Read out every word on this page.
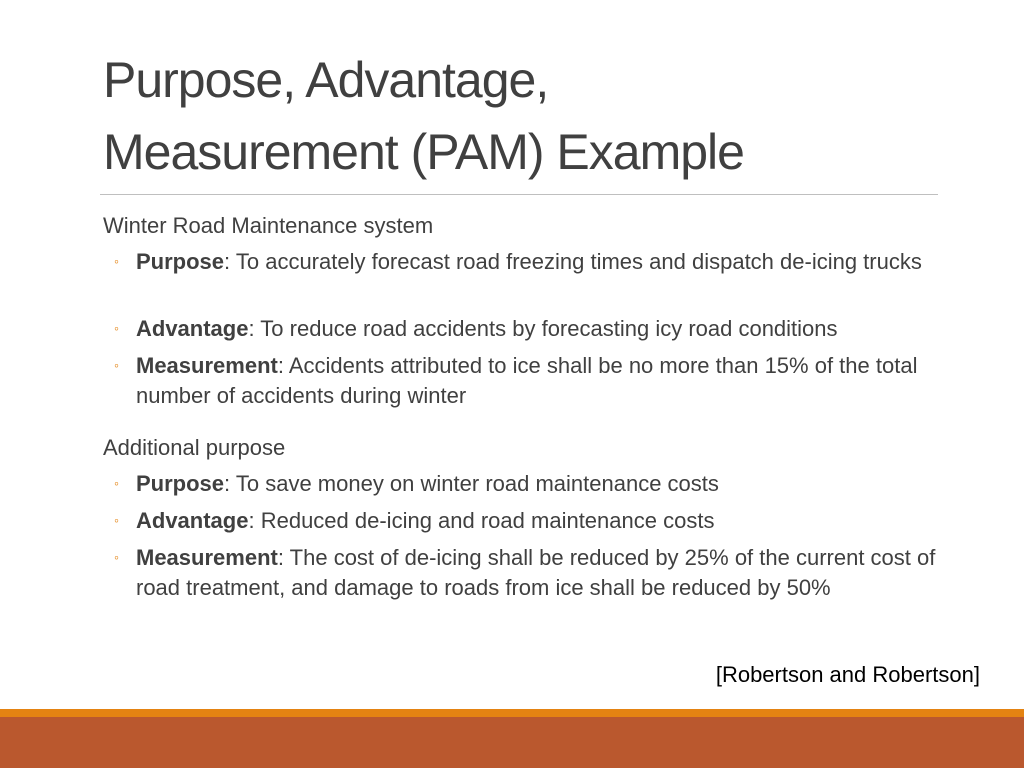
Purpose, Advantage,
Measurement (PAM) Example
Winter Road Maintenance system
◦ Purpose: To accurately forecast road freezing times and dispatch de-icing trucks
◦ Advantage: To reduce road accidents by forecasting icy road conditions
◦ Measurement: Accidents attributed to ice shall be no more than 15% of the total number of accidents during winter
Additional purpose
◦ Purpose: To save money on winter road maintenance costs
◦ Advantage: Reduced de-icing and road maintenance costs
◦ Measurement: The cost of de-icing shall be reduced by 25% of the current cost of road treatment, and damage to roads from ice shall be reduced by 50%
[Robertson and Robertson]
